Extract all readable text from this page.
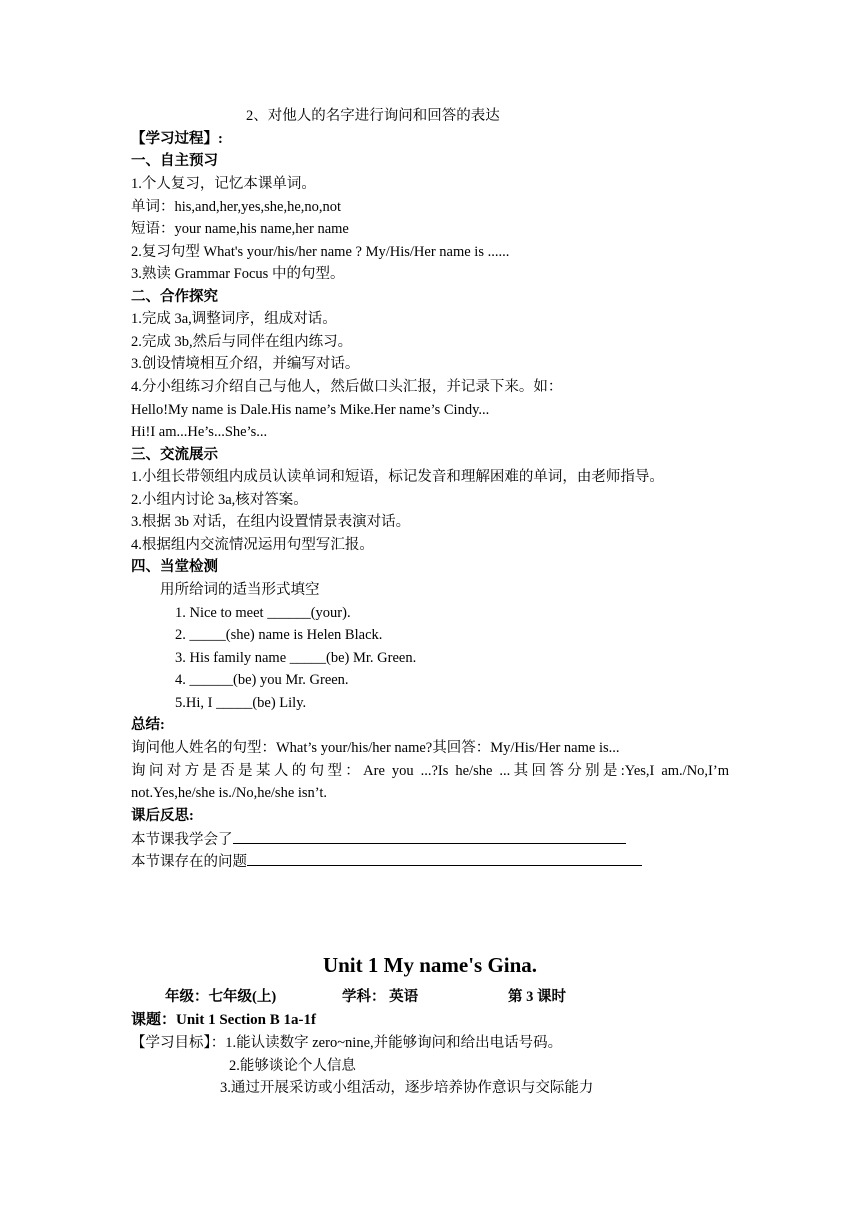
2、对他人的名字进行询问和回答的表达
【学习过程】:
一、自主预习
1.个人复习，记忆本课单词。
单词：his,and,her,yes,she,he,no,not
短语：your name,his name,her name
2.复习句型 What's your/his/her name ? My/His/Her name is ......
3.熟读 Grammar Focus 中的句型。
二、合作探究
1.完成 3a,调整词序，组成对话。
2.完成 3b,然后与同伴在组内练习。
3.创设情境相互介绍，并编写对话。
4.分小组练习介绍自己与他人，然后做口头汇报，并记录下来。如：
Hello!My name is Dale.His name’s Mike.Her name’s Cindy...
Hi!I am...He’s...She’s...
三、交流展示
1.小组长带领组内成员认读单词和短语，标记发音和理解困难的单词，由老师指导。
2.小组内讨论 3a,核对答案。
3.根据 3b 对话，在组内设置情景表演对话。
4.根据组内交流情况运用句型写汇报。
四、当堂检测
用所给词的适当形式填空
1. Nice to meet ______(your).
2. _____(she) name is Helen Black.
3. His family name _____(be) Mr. Green.
4. ______(be) you Mr. Green.
5.Hi, I _____(be) Lily.
总结:
询问他人姓名的句型：What’s your/his/her name?其回答：My/His/Her name is...
询问对方是否是某人的句型：Are you ...?Is he/she ...其回答分别是:Yes,I am./No,I’m not.Yes,he/she is./No,he/she isn’t.
课后反思:
本节课我学会了
本节课存在的问题
Unit 1 My name's Gina.
年级：七年级(上)	学科： 英语	第 3 课时
课题：Unit 1 Section B 1a-1f
【学习目标】：1.能认读数字 zero~nine,并能够询问和给出电话号码。
2.能够谈论个人信息
3.通过开展采访或小组活动，逐步培养协作意识与交际能力
